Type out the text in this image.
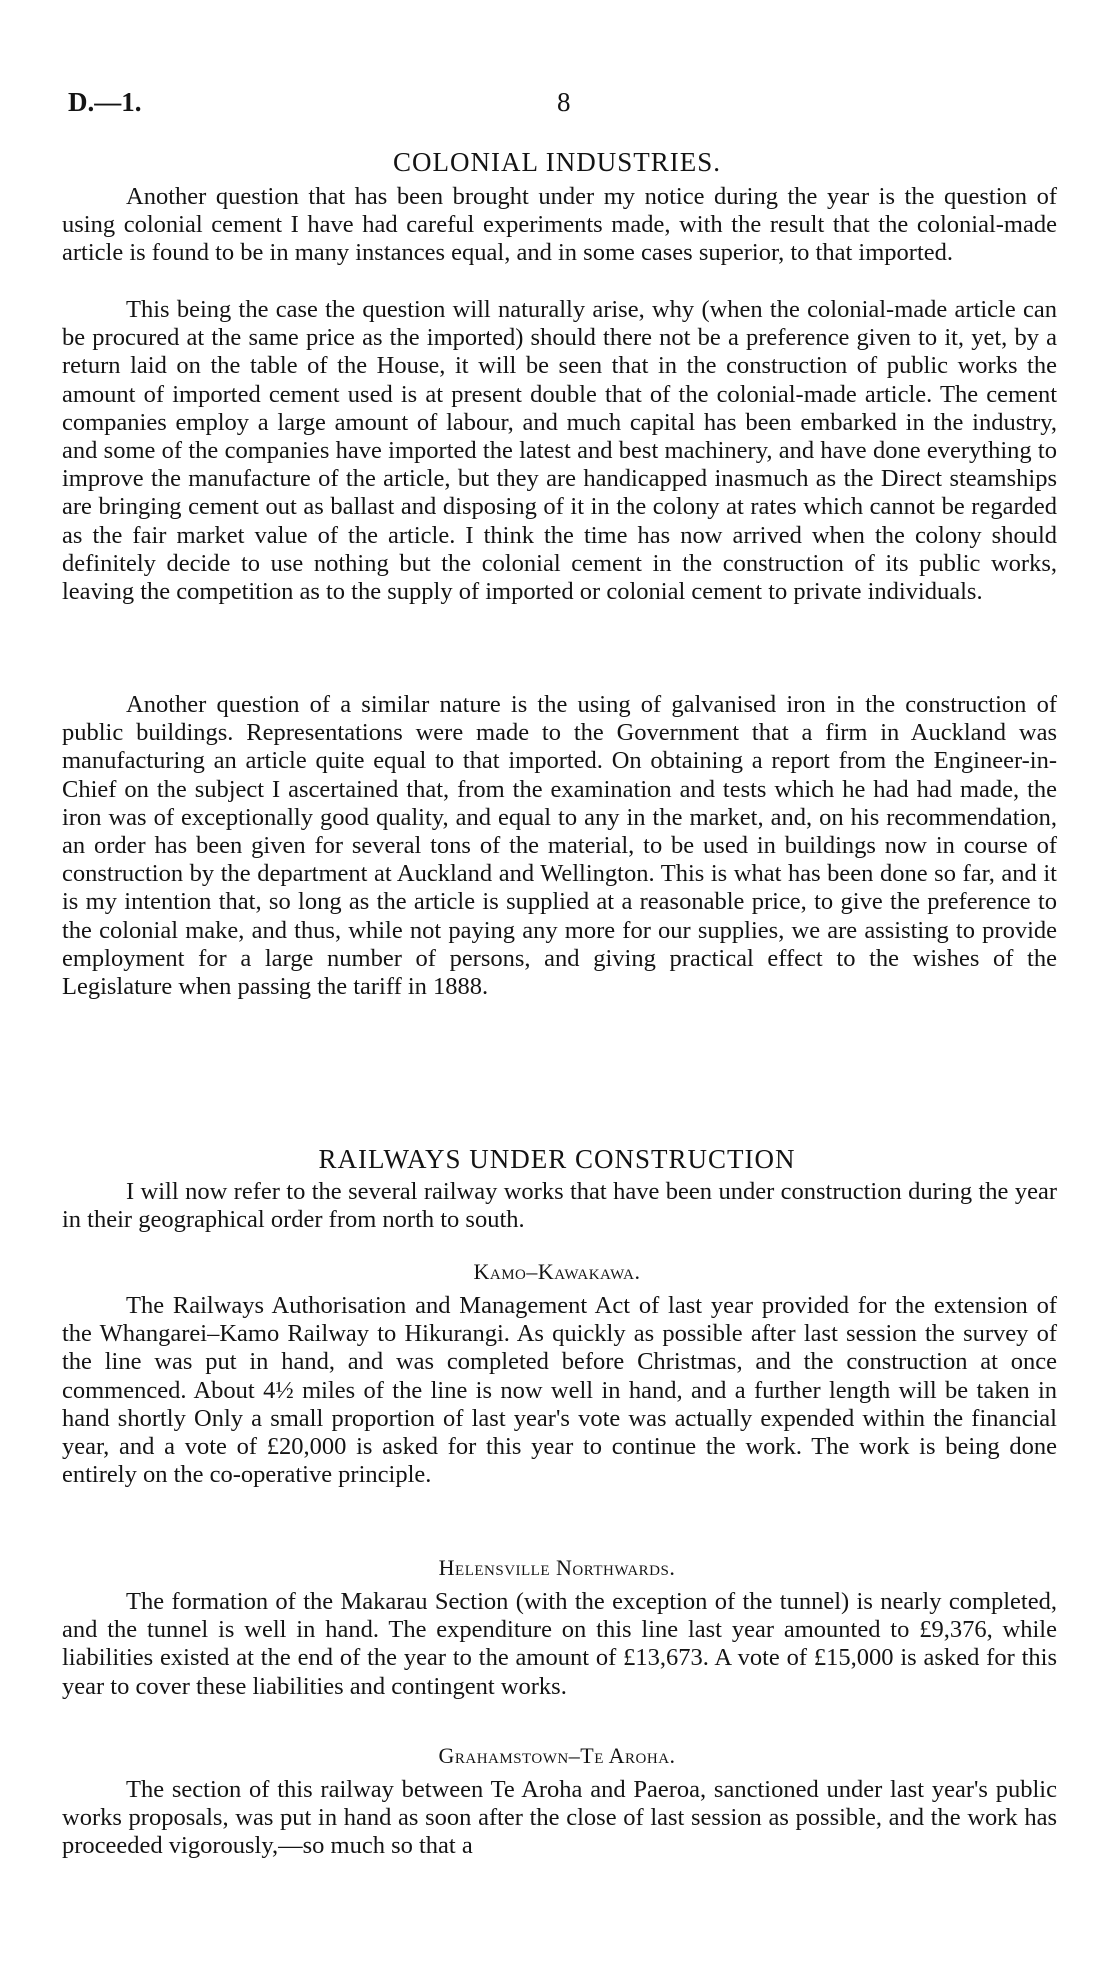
D.—1.	8
COLONIAL INDUSTRIES.

Another question that has been brought under my notice during the year is the question of using colonial cement I have had careful experiments made, with the result that the colonial-made article is found to be in many instances equal, and in some cases superior, to that imported.

This being the case the question will naturally arise, why (when the colonial-made article can be procured at the same price as the imported) should there not be a preference given to it, yet, by a return laid on the table of the House, it will be seen that in the construction of public works the amount of imported cement used is at present double that of the colonial-made article. The cement companies employ a large amount of labour, and much capital has been embarked in the industry, and some of the companies have imported the latest and best machinery, and have done everything to improve the manufacture of the article, but they are handicapped inasmuch as the Direct steamships are bringing cement out as ballast and disposing of it in the colony at rates which cannot be regarded as the fair market value of the article. I think the time has now arrived when the colony should definitely decide to use nothing but the colonial cement in the construction of its public works, leaving the competition as to the supply of imported or colonial cement to private individuals.

Another question of a similar nature is the using of galvanised iron in the construction of public buildings. Representations were made to the Government that a firm in Auckland was manufacturing an article quite equal to that imported. On obtaining a report from the Engineer-in-Chief on the subject I ascertained that, from the examination and tests which he had had made, the iron was of exceptionally good quality, and equal to any in the market, and, on his recommendation, an order has been given for several tons of the material, to be used in buildings now in course of construction by the department at Auckland and Wellington. This is what has been done so far, and it is my intention that, so long as the article is supplied at a reasonable price, to give the preference to the colonial make, and thus, while not paying any more for our supplies, we are assisting to provide employment for a large number of persons, and giving practical effect to the wishes of the Legislature when passing the tariff in 1888.

RAILWAYS UNDER CONSTRUCTION

I will now refer to the several railway works that have been under construction during the year in their geographical order from north to south.

Kamo–Kawakawa.

The Railways Authorisation and Management Act of last year provided for the extension of the Whangarei–Kamo Railway to Hikurangi. As quickly as possible after last session the survey of the line was put in hand, and was completed before Christmas, and the construction at once commenced. About 4½ miles of the line is now well in hand, and a further length will be taken in hand shortly Only a small proportion of last year's vote was actually expended within the financial year, and a vote of £20,000 is asked for this year to continue the work. The work is being done entirely on the co-operative principle.

Helensville Northwards.

The formation of the Makarau Section (with the exception of the tunnel) is nearly completed, and the tunnel is well in hand. The expenditure on this line last year amounted to £9,376, while liabilities existed at the end of the year to the amount of £13,673. A vote of £15,000 is asked for this year to cover these liabilities and contingent works.

Grahamstown–Te Aroha.

The section of this railway between Te Aroha and Paeroa, sanctioned under last year's public works proposals, was put in hand as soon after the close of last session as possible, and the work has proceeded vigorously,—so much so that a
